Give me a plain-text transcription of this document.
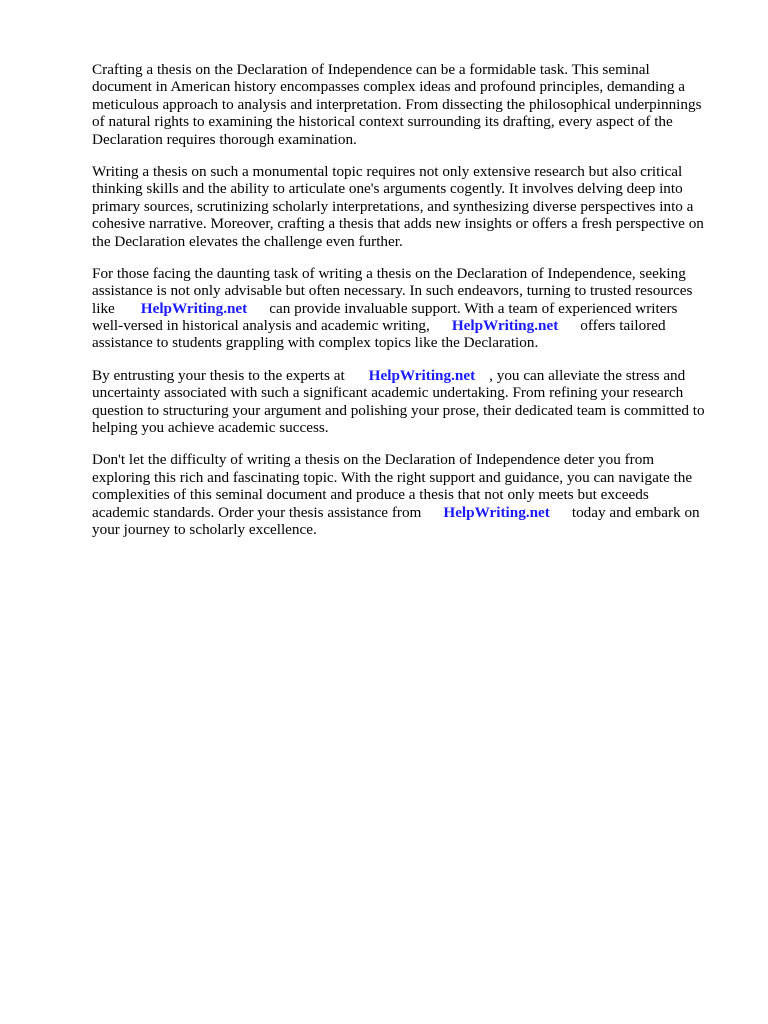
Crafting a thesis on the Declaration of Independence can be a formidable task. This seminal
document in American history encompasses complex ideas and profound principles, demanding a
meticulous approach to analysis and interpretation. From dissecting the philosophical underpinnings
of natural rights to examining the historical context surrounding its drafting, every aspect of the
Declaration requires thorough examination.

Writing a thesis on such a monumental topic requires not only extensive research but also critical
thinking skills and the ability to articulate one's arguments cogently. It involves delving deep into
primary sources, scrutinizing scholarly interpretations, and synthesizing diverse perspectives into a
cohesive narrative. Moreover, crafting a thesis that adds new insights or offers a fresh perspective on
the Declaration elevates the challenge even further.

For those facing the daunting task of writing a thesis on the Declaration of Independence, seeking
assistance is not only advisable but often necessary. In such endeavors, turning to trusted resources
like HelpWriting.net can provide invaluable support. With a team of experienced writers
well-versed in historical analysis and academic writing, HelpWriting.net offers tailored
assistance to students grappling with complex topics like the Declaration.

By entrusting your thesis to the experts at HelpWriting.net , you can alleviate the stress and
uncertainty associated with such a significant academic undertaking. From refining your research
question to structuring your argument and polishing your prose, their dedicated team is committed to
helping you achieve academic success.

Don't let the difficulty of writing a thesis on the Declaration of Independence deter you from
exploring this rich and fascinating topic. With the right support and guidance, you can navigate the
complexities of this seminal document and produce a thesis that not only meets but exceeds
academic standards. Order your thesis assistance from HelpWriting.net today and embark on
your journey to scholarly excellence.
